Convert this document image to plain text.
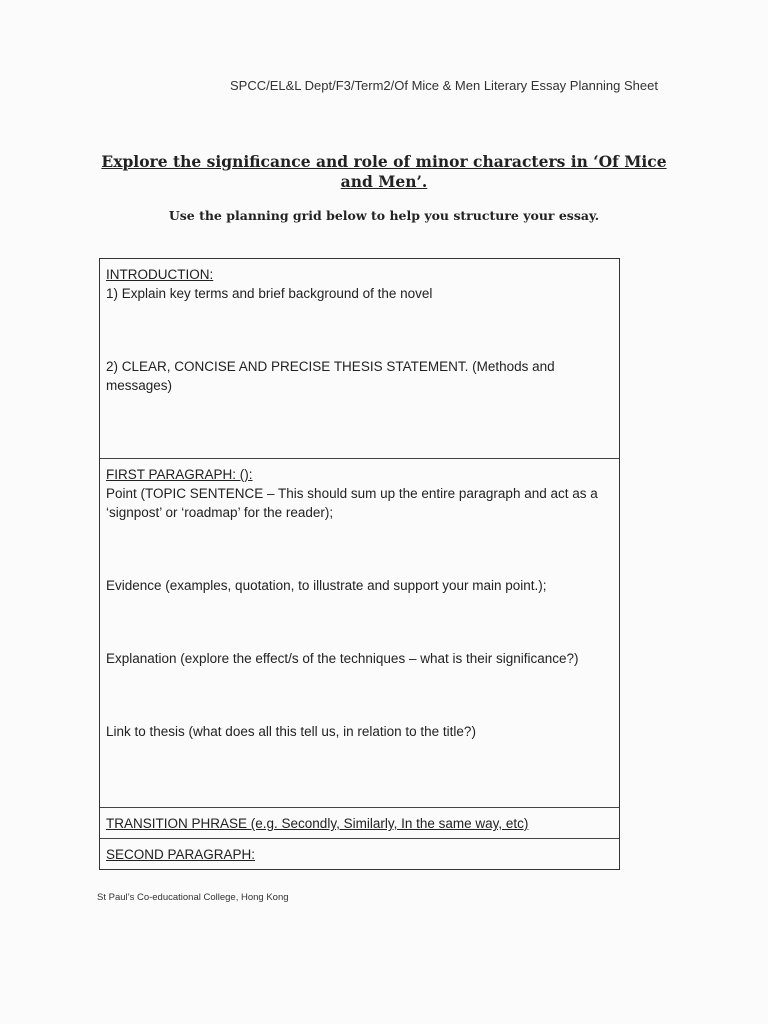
SPCC/EL&L Dept/F3/Term2/Of Mice & Men Literary Essay Planning Sheet
Explore the significance and role of minor characters in ‘Of Mice and Men’.
Use the planning grid below to help you structure your essay.
INTRODUCTION:
1) Explain key terms and brief background of the novel
2) CLEAR, CONCISE AND PRECISE THESIS STATEMENT. (Methods and messages)
FIRST PARAGRAPH: ():
Point (TOPIC SENTENCE – This should sum up the entire paragraph and act as a ‘signpost’ or ‘roadmap’ for the reader);
Evidence (examples, quotation, to illustrate and support your main point.);
Explanation (explore the effect/s of the techniques – what is their significance?)
Link to thesis (what does all this tell us, in relation to the title?)
TRANSITION PHRASE (e.g. Secondly, Similarly, In the same way, etc)
SECOND PARAGRAPH:
St Paul’s Co-educational College, Hong Kong
